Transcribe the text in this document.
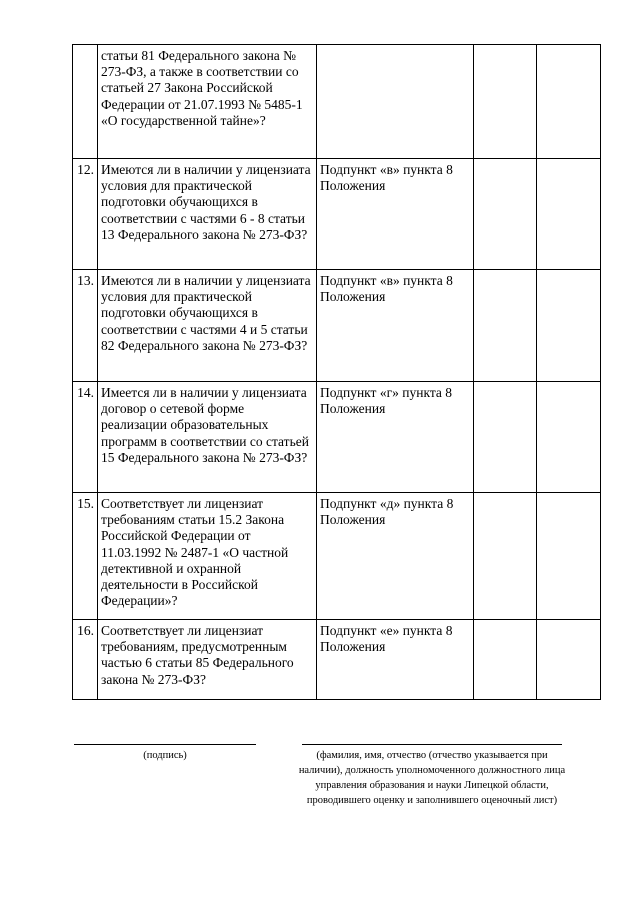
	статьи 81 Федерального закона № 273-ФЗ, а также в соответствии со статьей 27 Закона Российской Федерации от 21.07.1993 № 5485-1 «О государственной тайне»?			
12.	Имеются ли в наличии у лицензиата условия для практической подготовки обучающихся в соответствии с частями 6 - 8 статьи 13 Федерального закона № 273-ФЗ?	Подпункт «в» пункта 8 Положения		
13.	Имеются ли в наличии у лицензиата условия для практической подготовки обучающихся в соответствии с частями 4 и 5 статьи 82 Федерального закона № 273-ФЗ?	Подпункт «в» пункта 8 Положения		
14.	Имеется ли в наличии у лицензиата договор о сетевой форме реализации образовательных программ в соответствии со статьей 15 Федерального закона № 273-ФЗ?	Подпункт «г» пункта 8 Положения		
15.	Соответствует ли лицензиат требованиям статьи 15.2 Закона Российской Федерации от 11.03.1992 № 2487-1 «О частной детективной и охранной деятельности в Российской Федерации»?	Подпункт «д» пункта 8 Положения		
16.	Соответствует ли лицензиат требованиям, предусмотренным частью 6 статьи 85 Федерального закона № 273-ФЗ?	Подпункт «е» пункта 8 Положения		
(подпись)	(фамилия, имя, отчество (отчество указывается при наличии), должность уполномоченного должностного лица управления образования и науки Липецкой области, проводившего оценку и заполнившего оценочный лист)
